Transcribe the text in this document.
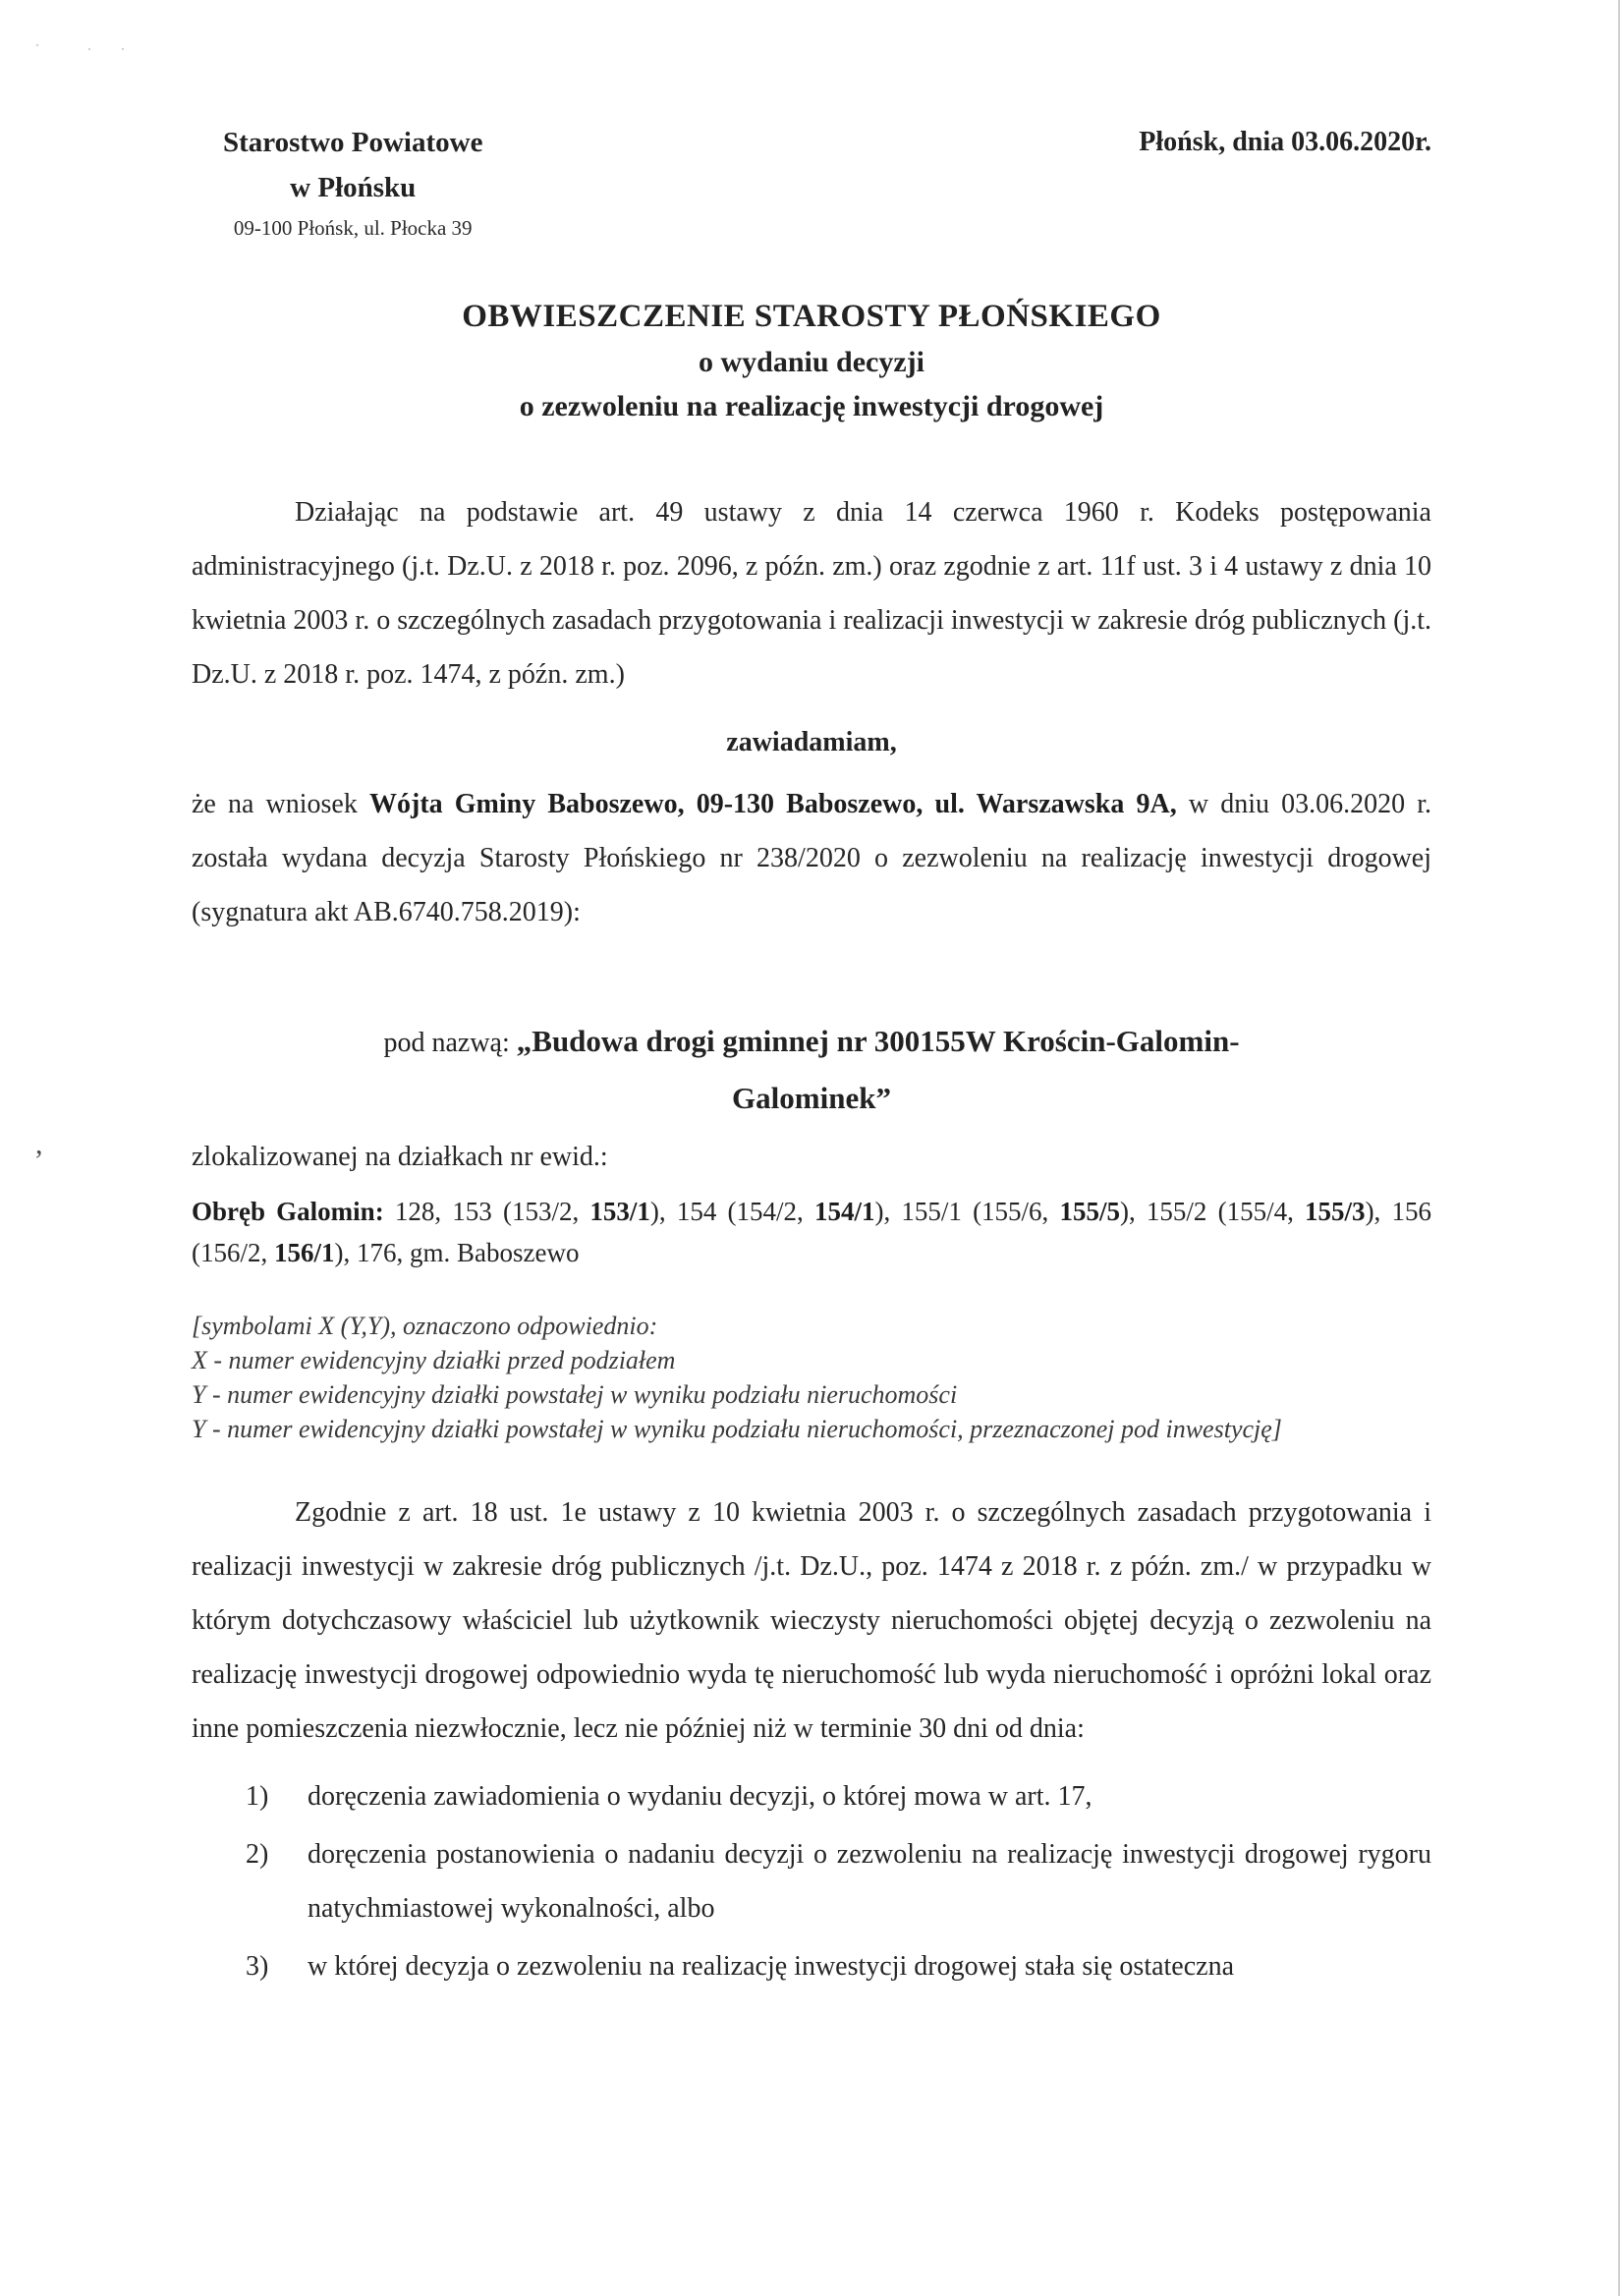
·	· ·
,
Starostwo Powiatowe
w Płońsku
09-100 Płońsk, ul. Płocka 39
Płońsk, dnia 03.06.2020r.
OBWIESZCZENIE STAROSTY PŁOŃSKIEGO
o wydaniu decyzji
o zezwoleniu na realizację inwestycji drogowej
Działając na podstawie art. 49 ustawy z dnia 14 czerwca 1960 r. Kodeks postępowania administracyjnego (j.t. Dz.U. z 2018 r. poz. 2096, z późn. zm.) oraz zgodnie z art. 11f ust. 3 i 4 ustawy z dnia 10 kwietnia 2003 r. o szczególnych zasadach przygotowania i realizacji inwestycji w zakresie dróg publicznych (j.t. Dz.U. z 2018 r. poz. 1474, z późn. zm.)
zawiadamiam,
że na wniosek Wójta Gminy Baboszewo, 09-130 Baboszewo, ul. Warszawska 9A, w dniu 03.06.2020 r. została wydana decyzja Starosty Płońskiego nr 238/2020 o zezwoleniu na realizację inwestycji drogowej (sygnatura akt AB.6740.758.2019):
pod nazwą: „Budowa drogi gminnej nr 300155W Krościn-Galomin-
Galominek”
zlokalizowanej na działkach nr ewid.:
Obręb Galomin: 128, 153 (153/2, 153/1), 154 (154/2, 154/1), 155/1 (155/6, 155/5), 155/2 (155/4, 155/3), 156 (156/2, 156/1), 176, gm. Baboszewo
[symbolami X (Y,Y), oznaczono odpowiednio:
X - numer ewidencyjny działki przed podziałem
Y - numer ewidencyjny działki powstałej w wyniku podziału nieruchomości
Y - numer ewidencyjny działki powstałej w wyniku podziału nieruchomości, przeznaczonej pod inwestycję]
Zgodnie z art. 18 ust. 1e ustawy z 10 kwietnia 2003 r. o szczególnych zasadach przygotowania i realizacji inwestycji w zakresie dróg publicznych /j.t. Dz.U., poz. 1474 z 2018 r. z późn. zm./ w przypadku w którym dotychczasowy właściciel lub użytkownik wieczysty nieruchomości objętej decyzją o zezwoleniu na realizację inwestycji drogowej odpowiednio wyda tę nieruchomość lub wyda nieruchomość i opróżni lokal oraz inne pomieszczenia niezwłocznie, lecz nie później niż w terminie 30 dni od dnia:
1) doręczenia zawiadomienia o wydaniu decyzji, o której mowa w art. 17,
2) doręczenia postanowienia o nadaniu decyzji o zezwoleniu na realizację inwestycji drogowej rygoru natychmiastowej wykonalności, albo
3) w której decyzja o zezwoleniu na realizację inwestycji drogowej stała się ostateczna
